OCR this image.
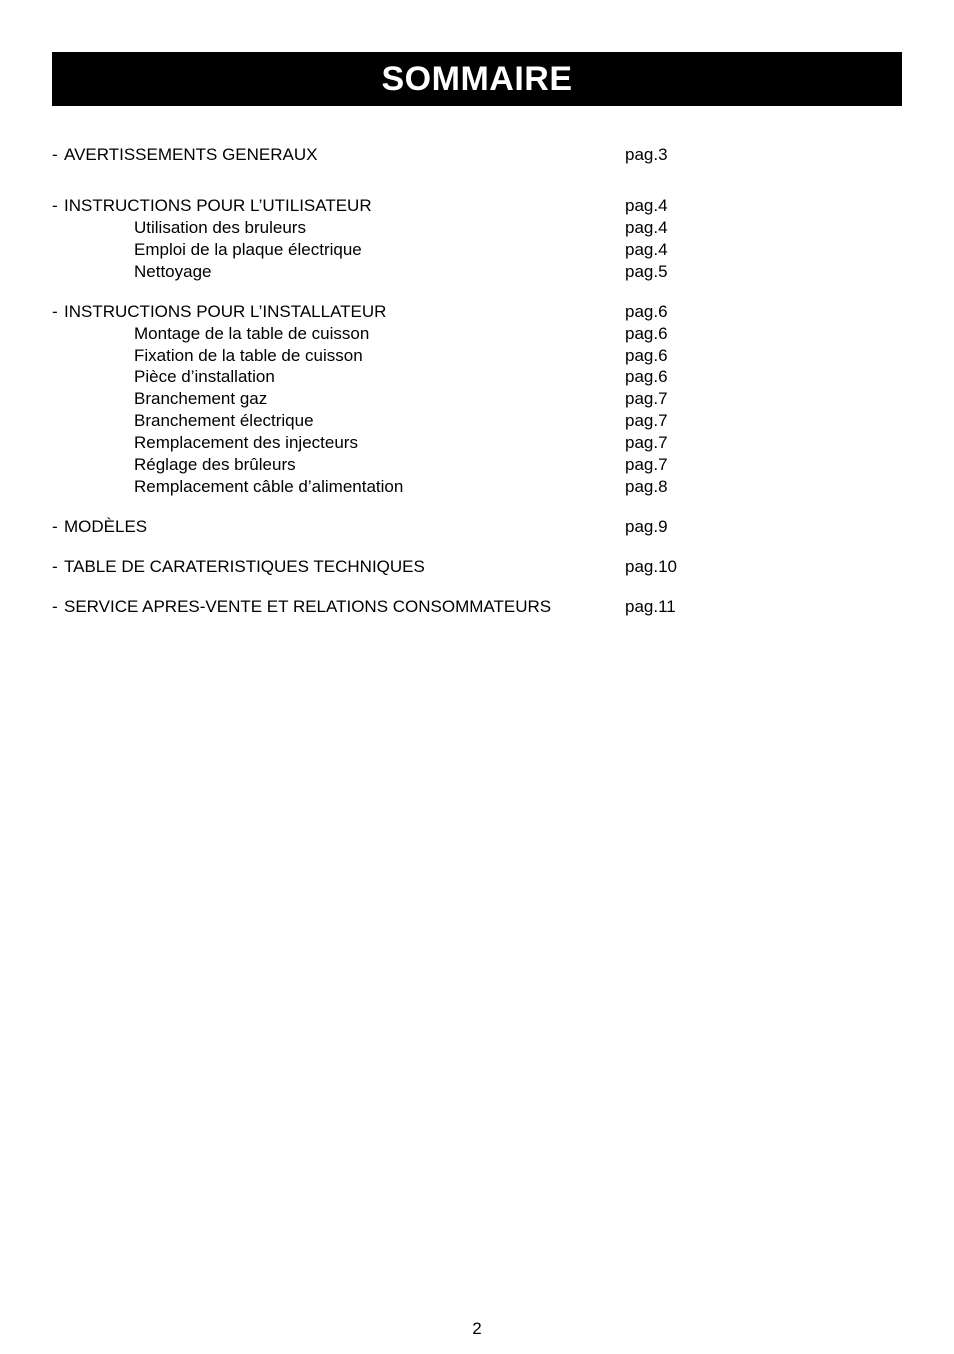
SOMMAIRE
- AVERTISSEMENTS GENERAUX	pag.3
- INSTRUCTIONS POUR L’UTILISATEUR	pag.4
Utilisation des bruleurs	pag.4
Emploi de la plaque électrique	pag.4
Nettoyage	pag.5
- INSTRUCTIONS POUR L’INSTALLATEUR	pag.6
Montage de la table de cuisson	pag.6
Fixation de la table de cuisson	pag.6
Pièce d’installation	pag.6
Branchement gaz	pag.7
Branchement électrique	pag.7
Remplacement des injecteurs	pag.7
Réglage des brûleurs	pag.7
Remplacement câble d’alimentation	pag.8
- MODÈLES	pag.9
- TABLE DE CARATERISTIQUES TECHNIQUES	pag.10
- SERVICE APRES-VENTE ET RELATIONS CONSOMMATEURS	pag.11
2
